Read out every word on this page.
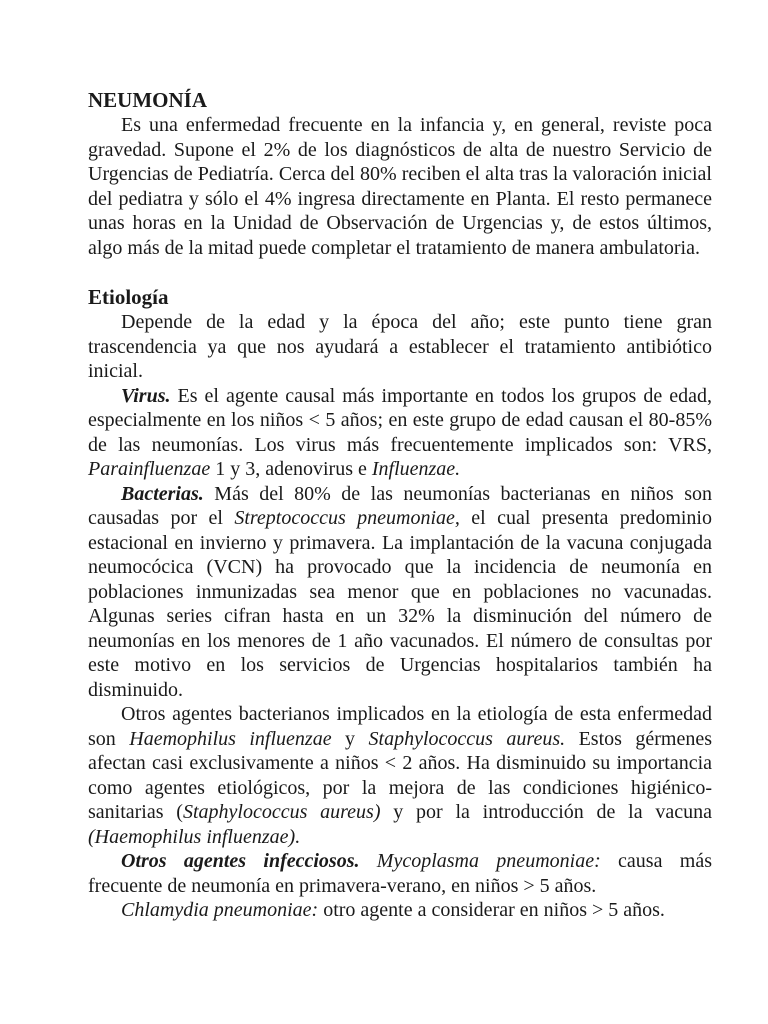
NEUMONÍA

Es una enfermedad frecuente en la infancia y, en general, reviste poca gravedad. Supone el 2% de los diagnósticos de alta de nuestro Servicio de Urgencias de Pediatría. Cerca del 80% reciben el alta tras la valoración inicial del pediatra y sólo el 4% ingresa directamente en Planta. El resto permanece unas horas en la Unidad de Observación de Urgencias y, de estos últimos, algo más de la mitad puede completar el tratamiento de manera ambulatoria.

Etiología

Depende de la edad y la época del año; este punto tiene gran trascendencia ya que nos ayudará a establecer el tratamiento antibiótico inicial.

Virus. Es el agente causal más importante en todos los grupos de edad, especialmente en los niños < 5 años; en este grupo de edad causan el 80-85% de las neumonías. Los virus más frecuentemente implicados son: VRS, Parainfluenzae 1 y 3, adenovirus e Influenzae.

Bacterias. Más del 80% de las neumonías bacterianas en niños son causadas por el Streptococcus pneumoniae, el cual presenta predominio estacional en invierno y primavera. La implantación de la vacuna conjugada neumocócica (VCN) ha provocado que la incidencia de neumonía en poblaciones inmunizadas sea menor que en poblaciones no vacunadas. Algunas series cifran hasta en un 32% la disminución del número de neumonías en los menores de 1 año vacunados. El número de consultas por este motivo en los servicios de Urgencias hospitalarios también ha disminuido.

Otros agentes bacterianos implicados en la etiología de esta enfermedad son Haemophilus influenzae y Staphylococcus aureus. Estos gérmenes afectan casi exclusivamente a niños < 2 años. Ha disminuido su importancia como agentes etiológicos, por la mejora de las condiciones higiénico-sanitarias (Staphylococcus aureus) y por la introducción de la vacuna (Haemophilus influenzae).

Otros agentes infecciosos. Mycoplasma pneumoniae: causa más frecuente de neumonía en primavera-verano, en niños > 5 años.

Chlamydia pneumoniae: otro agente a considerar en niños > 5 años.
